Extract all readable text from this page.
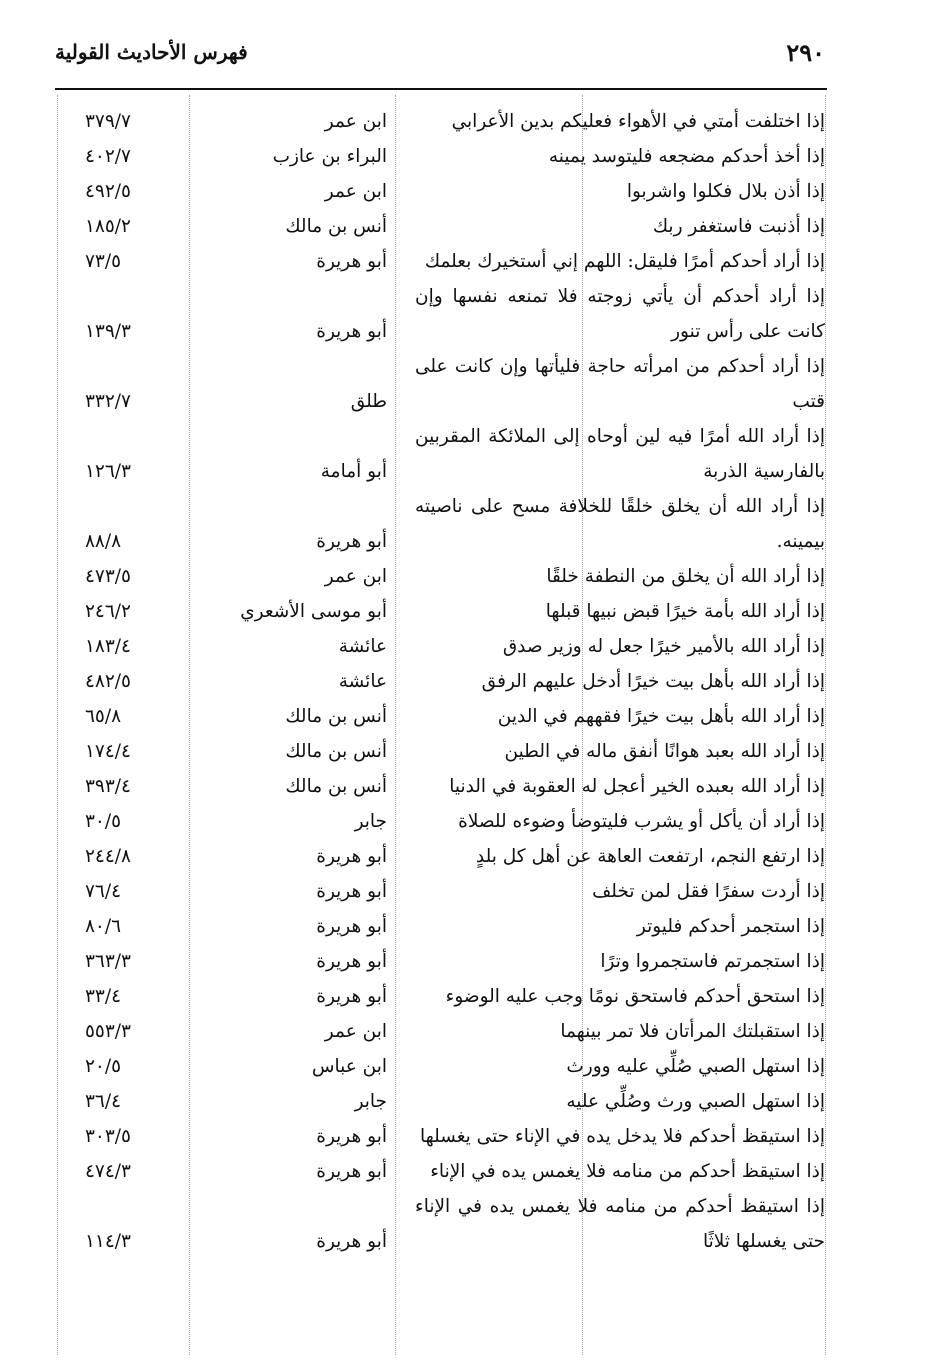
٢٩٠
فهرس الأحاديث القولية
إذا اختلفت أمتي في الأهواء فعليكم بدين الأعرابي
ابن عمر
٣٧٩/٧
إذا أخذ أحدكم مضجعه فليتوسد يمينه
البراء بن عازب
٤٠٢/٧
إذا أذن بلال فكلوا واشربوا
ابن عمر
٤٩٢/٥
إذا أذنبت فاستغفر ربك
أنس بن مالك
١٨٥/٢
إذا أراد أحدكم أمرًا فليقل: اللهم إني أستخيرك بعلمك
أبو هريرة
٧٣/٥
إذا أراد أحدكم أن يأتي زوجته فلا تمنعه نفسها وإن كانت على رأس تنور
أبو هريرة
١٣٩/٣
إذا أراد أحدكم من امرأته حاجة فليأتها وإن كانت على قتب
طلق
٣٣٢/٧
إذا أراد الله أمرًا فيه لين أوحاه إلى الملائكة المقربين بالفارسية الذربة
أبو أمامة
١٢٦/٣
إذا أراد الله أن يخلق خلقًا للخلافة مسح على ناصيته بيمينه.
أبو هريرة
٨٨/٨
إذا أراد الله أن يخلق من النطفة خلقًا
ابن عمر
٤٧٣/٥
إذا أراد الله بأمة خيرًا قبض نبيها قبلها
أبو موسى الأشعري
٢٤٦/٢
إذا أراد الله بالأمير خيرًا جعل له وزير صدق
عائشة
١٨٣/٤
إذا أراد الله بأهل بيت خيرًا أدخل عليهم الرفق
عائشة
٤٨٢/٥
إذا أراد الله بأهل بيت خيرًا فقههم في الدين
أنس بن مالك
٦٥/٨
إذا أراد الله بعبد هوانًا أنفق ماله في الطين
أنس بن مالك
١٧٤/٤
إذا أراد الله بعبده الخير أعجل له العقوبة في الدنيا
أنس بن مالك
٣٩٣/٤
إذا أراد أن يأكل أو يشرب فليتوضأ وضوءه للصلاة
جابر
٣٠/٥
إذا ارتفع النجم، ارتفعت العاهة عن أهل كل بلدٍ
أبو هريرة
٢٤٤/٨
إذا أردت سفرًا فقل لمن تخلف
أبو هريرة
٧٦/٤
إذا استجمر أحدكم فليوتر
أبو هريرة
٨٠/٦
إذا استجمرتم فاستجمروا وترًا
أبو هريرة
٣٦٣/٣
إذا استحق أحدكم فاستحق نومًا وجب عليه الوضوء
أبو هريرة
٣٣/٤
إذا استقبلتك المرأتان فلا تمر بينهما
ابن عمر
٥٥٣/٣
إذا استهل الصبي صُلِّي عليه وورث
ابن عباس
٢٠/٥
إذا استهل الصبي ورث وصُلِّي عليه
جابر
٣٦/٤
إذا استيقظ أحدكم فلا يدخل يده في الإناء حتى يغسلها
أبو هريرة
٣٠٣/٥
إذا استيقظ أحدكم من منامه فلا يغمس يده في الإناء
أبو هريرة
٤٧٤/٣
إذا استيقظ أحدكم من منامه فلا يغمس يده في الإناء حتى يغسلها ثلاثًا
أبو هريرة
١١٤/٣
